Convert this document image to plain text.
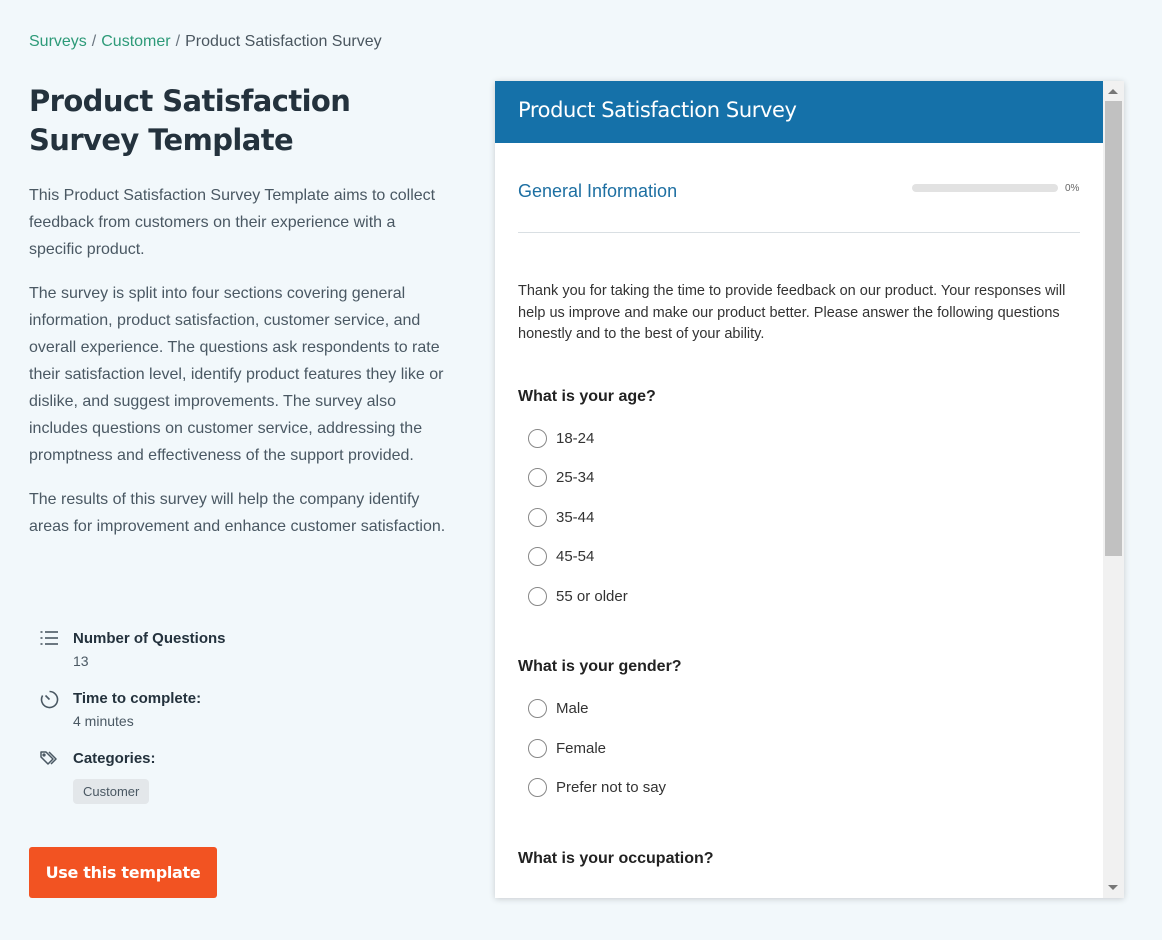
Surveys / Customer / Product Satisfaction Survey
Product Satisfaction Survey Template

This Product Satisfaction Survey Template aims to collect feedback from customers on their experience with a specific product.

The survey is split into four sections covering general information, product satisfaction, customer service, and overall experience. The questions ask respondents to rate their satisfaction level, identify product features they like or dislike, and suggest improvements. The survey also includes questions on customer service, addressing the promptness and effectiveness of the support provided.

The results of this survey will help the company identify areas for improvement and enhance customer satisfaction.

Number of Questions
13
Time to complete:
4 minutes
Categories:
Customer
Use this template
Product Satisfaction Survey
General Information	0%

Thank you for taking the time to provide feedback on our product. Your responses will help us improve and make our product better. Please answer the following questions honestly and to the best of your ability.

What is your age?
18-24
25-34
35-44
45-54
55 or older
What is your gender?
Male
Female
Prefer not to say
What is your occupation?
